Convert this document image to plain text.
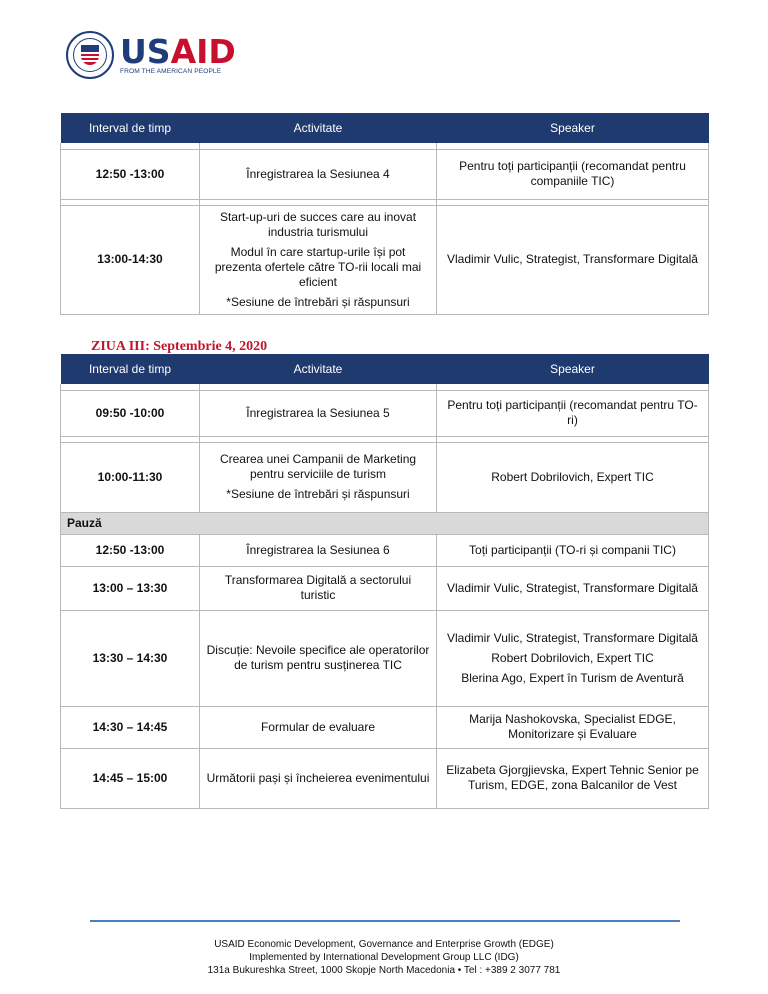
USAID
FROM THE AMERICAN PEOPLE
Interval de timp	Activitate	Speaker

12:50 -13:00	Înregistrarea la Sesiunea 4	Pentru toți participanții (recomandat pentru companiile TIC)

13:00-14:30	Start-up-uri de succes care au inovat industria turismului

Modul în care startup-urile își pot prezenta ofertele către TO-rii locali mai eficient

*Sesiune de întrebări și răspunsuri	Vladimir Vulic, Strategist, Transformare Digitală

ZIUA III: Septembrie 4, 2020
Interval de timp	Activitate	Speaker

09:50 -10:00	Înregistrarea la Sesiunea 5	Pentru toți participanții (recomandat pentru TO-ri)

10:00-11:30	Crearea unei Campanii de Marketing pentru serviciile de turism

*Sesiune de întrebări și răspunsuri	Robert Dobrilovich, Expert TIC

Pauză		
12:50 -13:00	Înregistrarea la Sesiunea 6	Toți participanții (TO-ri și companii TIC)

13:00 – 13:30	Transformarea Digitală a sectorului turistic	Vladimir Vulic, Strategist, Transformare Digitală

13:30 – 14:30	Discuție: Nevoile specifice ale operatorilor de turism pentru susținerea TIC	Vladimir Vulic, Strategist, Transformare Digitală

Robert Dobrilovich, Expert TIC

Blerina Ago, Expert în Turism de Aventură

14:30 – 14:45	Formular de evaluare	Marija Nashokovska, Specialist EDGE, Monitorizare și Evaluare

14:45 – 15:00	Următorii pași și încheierea evenimentului	Elizabeta Gjorgjievska, Expert Tehnic Senior pe Turism, EDGE, zona Balcanilor de Vest

USAID Economic Development, Governance and Enterprise Growth (EDGE)
Implemented by International Development Group LLC (IDG)
131a Bukureshka Street, 1000 Skopje North Macedonia • Tel : +389 2 3077 781
